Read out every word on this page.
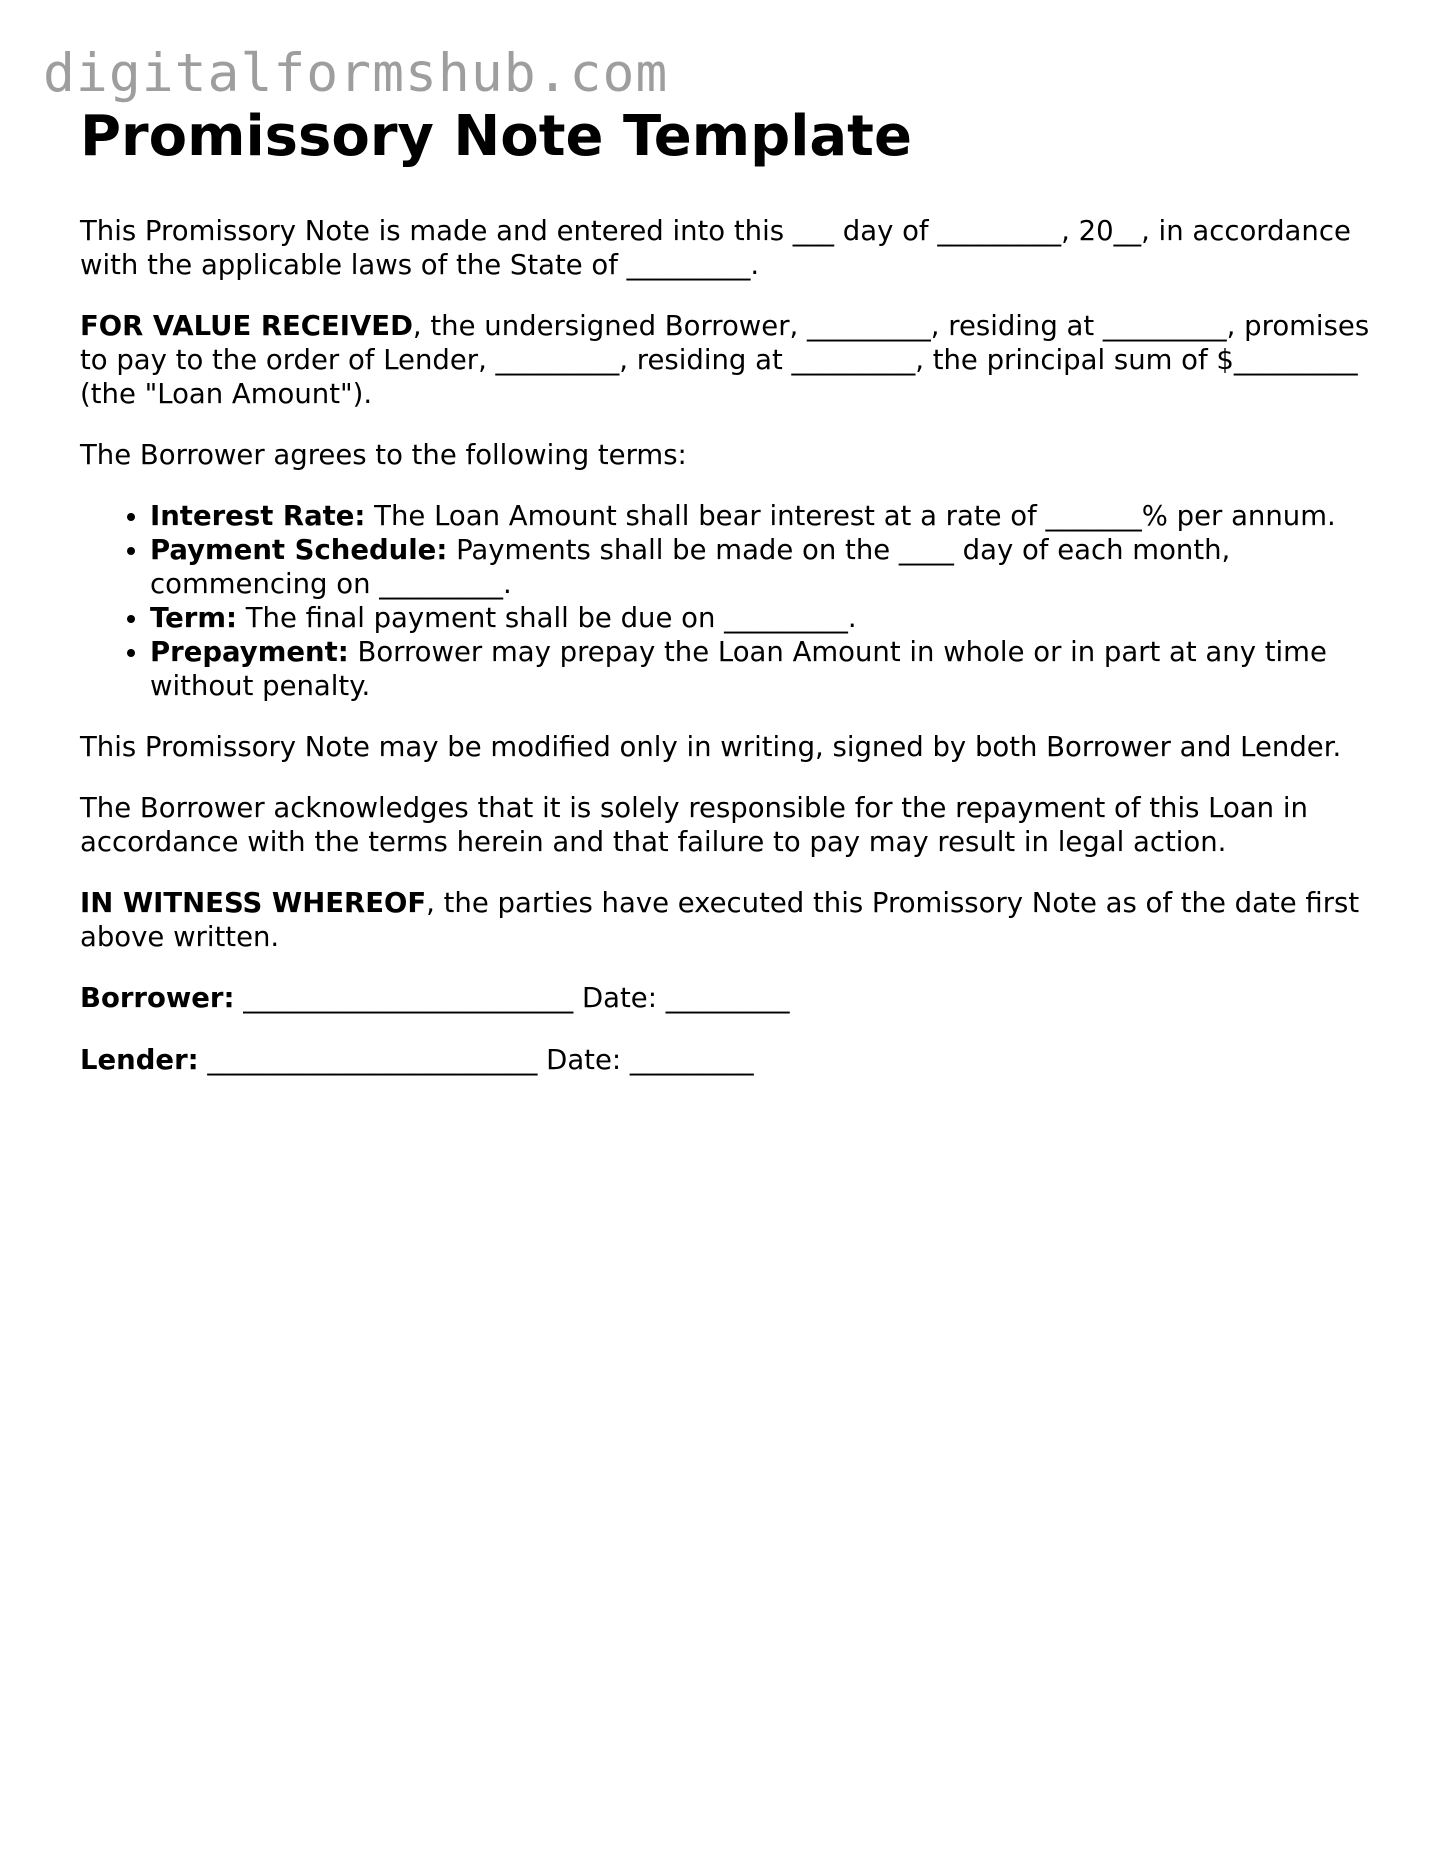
digitalformshub.com
Promissory Note Template

This Promissory Note is made and entered into this ___ day of _________, 20__, in accordance with the applicable laws of the State of _________.

FOR VALUE RECEIVED, the undersigned Borrower, _________, residing at _________, promises to pay to the order of Lender, _________, residing at _________, the principal sum of $_________ (the "Loan Amount").

The Borrower agrees to the following terms:

• Interest Rate: The Loan Amount shall bear interest at a rate of _______% per annum.
• Payment Schedule: Payments shall be made on the ____ day of each month, commencing on _________.
• Term: The final payment shall be due on _________.
• Prepayment: Borrower may prepay the Loan Amount in whole or in part at any time without penalty.

This Promissory Note may be modified only in writing, signed by both Borrower and Lender.

The Borrower acknowledges that it is solely responsible for the repayment of this Loan in accordance with the terms herein and that failure to pay may result in legal action.

IN WITNESS WHEREOF, the parties have executed this Promissory Note as of the date first above written.

Borrower: ________________________ Date: _________

Lender: ________________________ Date: _________
